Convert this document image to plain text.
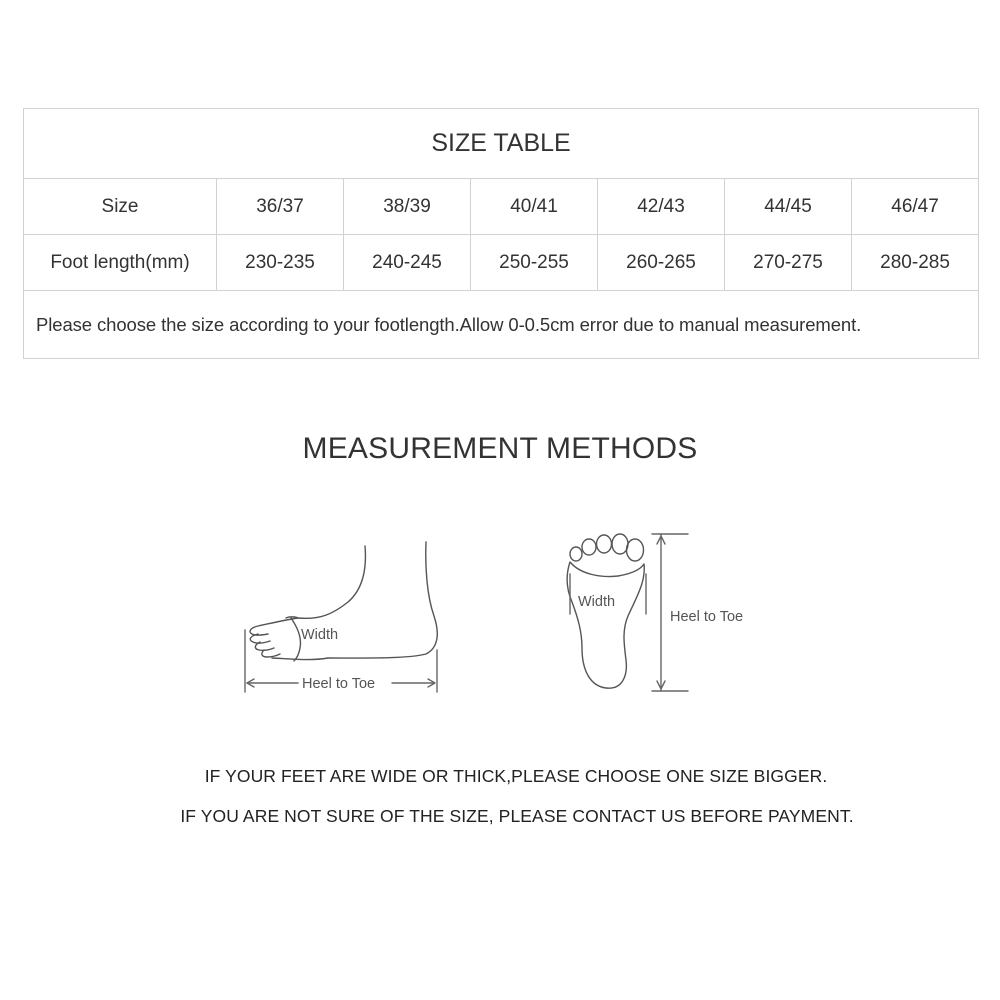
SIZE TABLE						
Size	36/37	38/39	40/41	42/43	44/45	46/47
Foot length(mm)	230-235	240-245	250-255	260-265	270-275	280-285
Please choose the size according to your footlength.Allow 0-0.5cm error due to manual measurement.						
MEASUREMENT METHODS
Width
Heel to Toe
Width
Heel to Toe
IF YOUR FEET ARE WIDE OR THICK,PLEASE CHOOSE ONE SIZE BIGGER.
IF YOU ARE NOT SURE OF THE SIZE, PLEASE CONTACT US BEFORE PAYMENT.
